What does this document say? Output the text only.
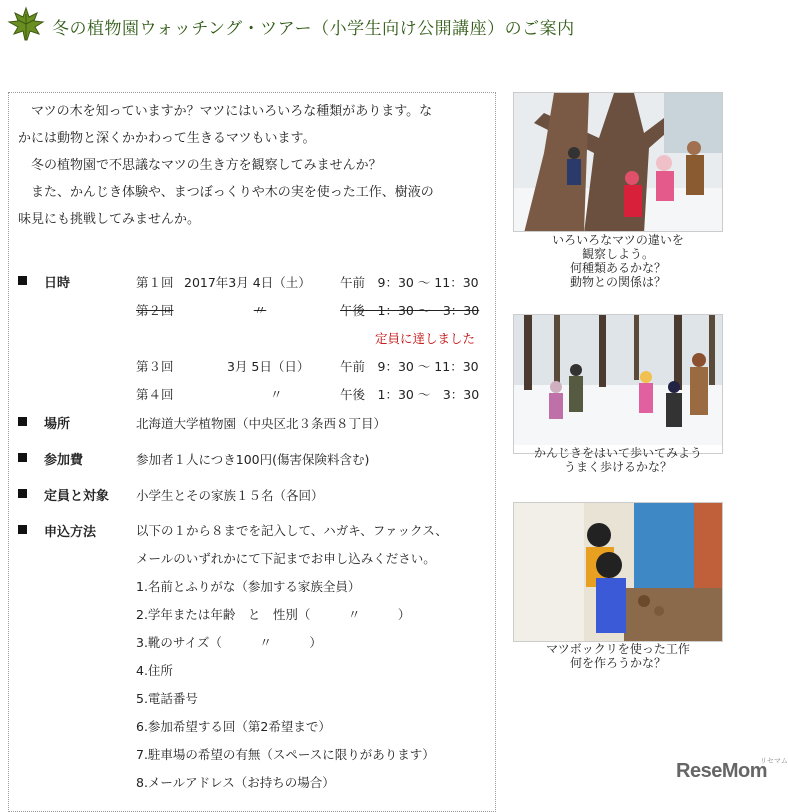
冬の植物園ウォッチング・ツアー（小学生向け公開講座）のご案内
　マツの木を知っていますか？マツにはいろいろな種類があります。な
かには動物と深くかかわって生きるマツもいます。
　冬の植物園で不思議なマツの生き方を観察してみませんか？
　また、かんじき体験や、まつぼっくりや木の実を使った工作、樹液の
味見にも挑戦してみませんか。
日時	第１回 2017年3月 4日（土） 午前　9：30 〜 11：30
第２回	〃	午後　1：30 〜　3：30
定員に達しました
第３回	3月 5日（日） 午前　9：30 〜 11：30
第４回	〃	午後　1：30 〜　3：30
場所	北海道大学植物園（中央区北３条西８丁目）
参加費	参加者１人につき100円(傷害保険料含む)
定員と対象 小学生とその家族１５名（各回）
申込方法	以下の１から８までを記入して、ハガキ、ファックス、
メールのいずれかにて下記までお申し込みください。
1.名前とふりがな（参加する家族全員）
2.学年または年齢　と　性別（　　　〃　　　）
3.靴のサイズ（　　　〃　　　）
4.住所
5.電話番号
6.参加希望する回（第2希望まで）
7.駐車場の希望の有無（スペースに限りがあります）
8.メールアドレス（お持ちの場合）
いろいろなマツの違いを
観察しよう。
何種類あるかな？
動物との関係は？
かんじきをはいて歩いてみよう
うまく歩けるかな？
マツボックリを使った工作
何を作ろうかな？
ReseMom
リセマム
